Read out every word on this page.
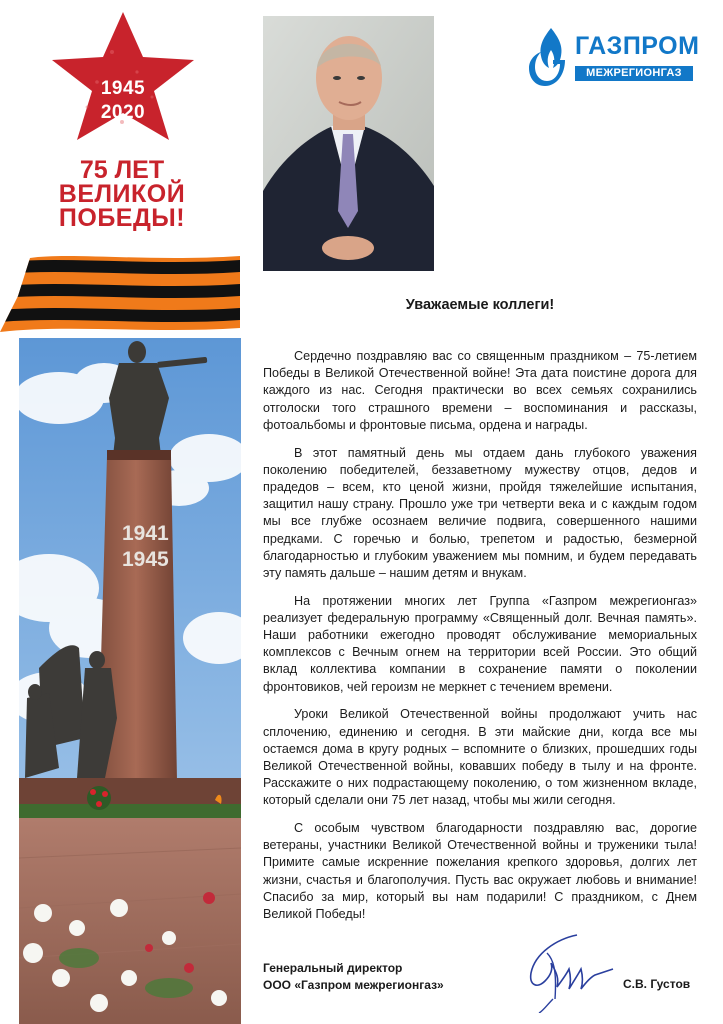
1945
2020
75 ЛЕТ
ВЕЛИКОЙ
ПОБЕДЫ!
1941
1945
ГАЗПРОМ
МЕЖРЕГИОНГАЗ
Уважаемые коллеги!

Сердечно поздравляю вас со священным праздником – 75-летием Победы в Великой Отечественной войне! Эта дата поистине дорога для каждого из нас. Сегодня практически во всех семьях сохранились отголоски того страшного времени – воспоминания и рассказы, фотоальбомы и фронтовые письма, ордена и награды.

В этот памятный день мы отдаем дань глубокого уважения поколению победителей, беззаветному мужеству отцов, дедов и прадедов – всем, кто ценой жизни, пройдя тяжелейшие испытания, защитил нашу страну. Прошло уже три четверти века и с каждым годом мы все глубже осознаем величие подвига, совершенного нашими предками. С горечью и болью, трепетом и радостью, безмерной благодарностью и глубоким уважением мы помним, и будем передавать эту память дальше – нашим детям и внукам.

На протяжении многих лет Группа «Газпром межрегионгаз» реализует федеральную программу «Священный долг. Вечная память». Наши работники ежегодно проводят обслуживание мемориальных комплексов с Вечным огнем на территории всей России. Это общий вклад коллектива компании в сохранение памяти о поколении фронтовиков, чей героизм не меркнет с течением времени.

Уроки Великой Отечественной войны продолжают учить нас сплочению, единению и сегодня. В эти майские дни, когда все мы остаемся дома в кругу родных – вспомните о близких, прошедших годы Великой Отечественной войны, ковавших победу в тылу и на фронте. Расскажите о них подрастающему поколению, о том жизненном вкладе, который сделали они 75 лет назад, чтобы мы жили сегодня.

С особым чувством благодарности поздравляю вас, дорогие ветераны, участники Великой Отечественной войны и труженики тыла! Примите самые искренние пожелания крепкого здоровья, долгих лет жизни, счастья и благополучия. Пусть вас окружает любовь и внимание! Спасибо за мир, который вы нам подарили! С праздником, с Днем Великой Победы!

Генеральный директор
ООО «Газпром межрегионгаз»	С.В. Густов
